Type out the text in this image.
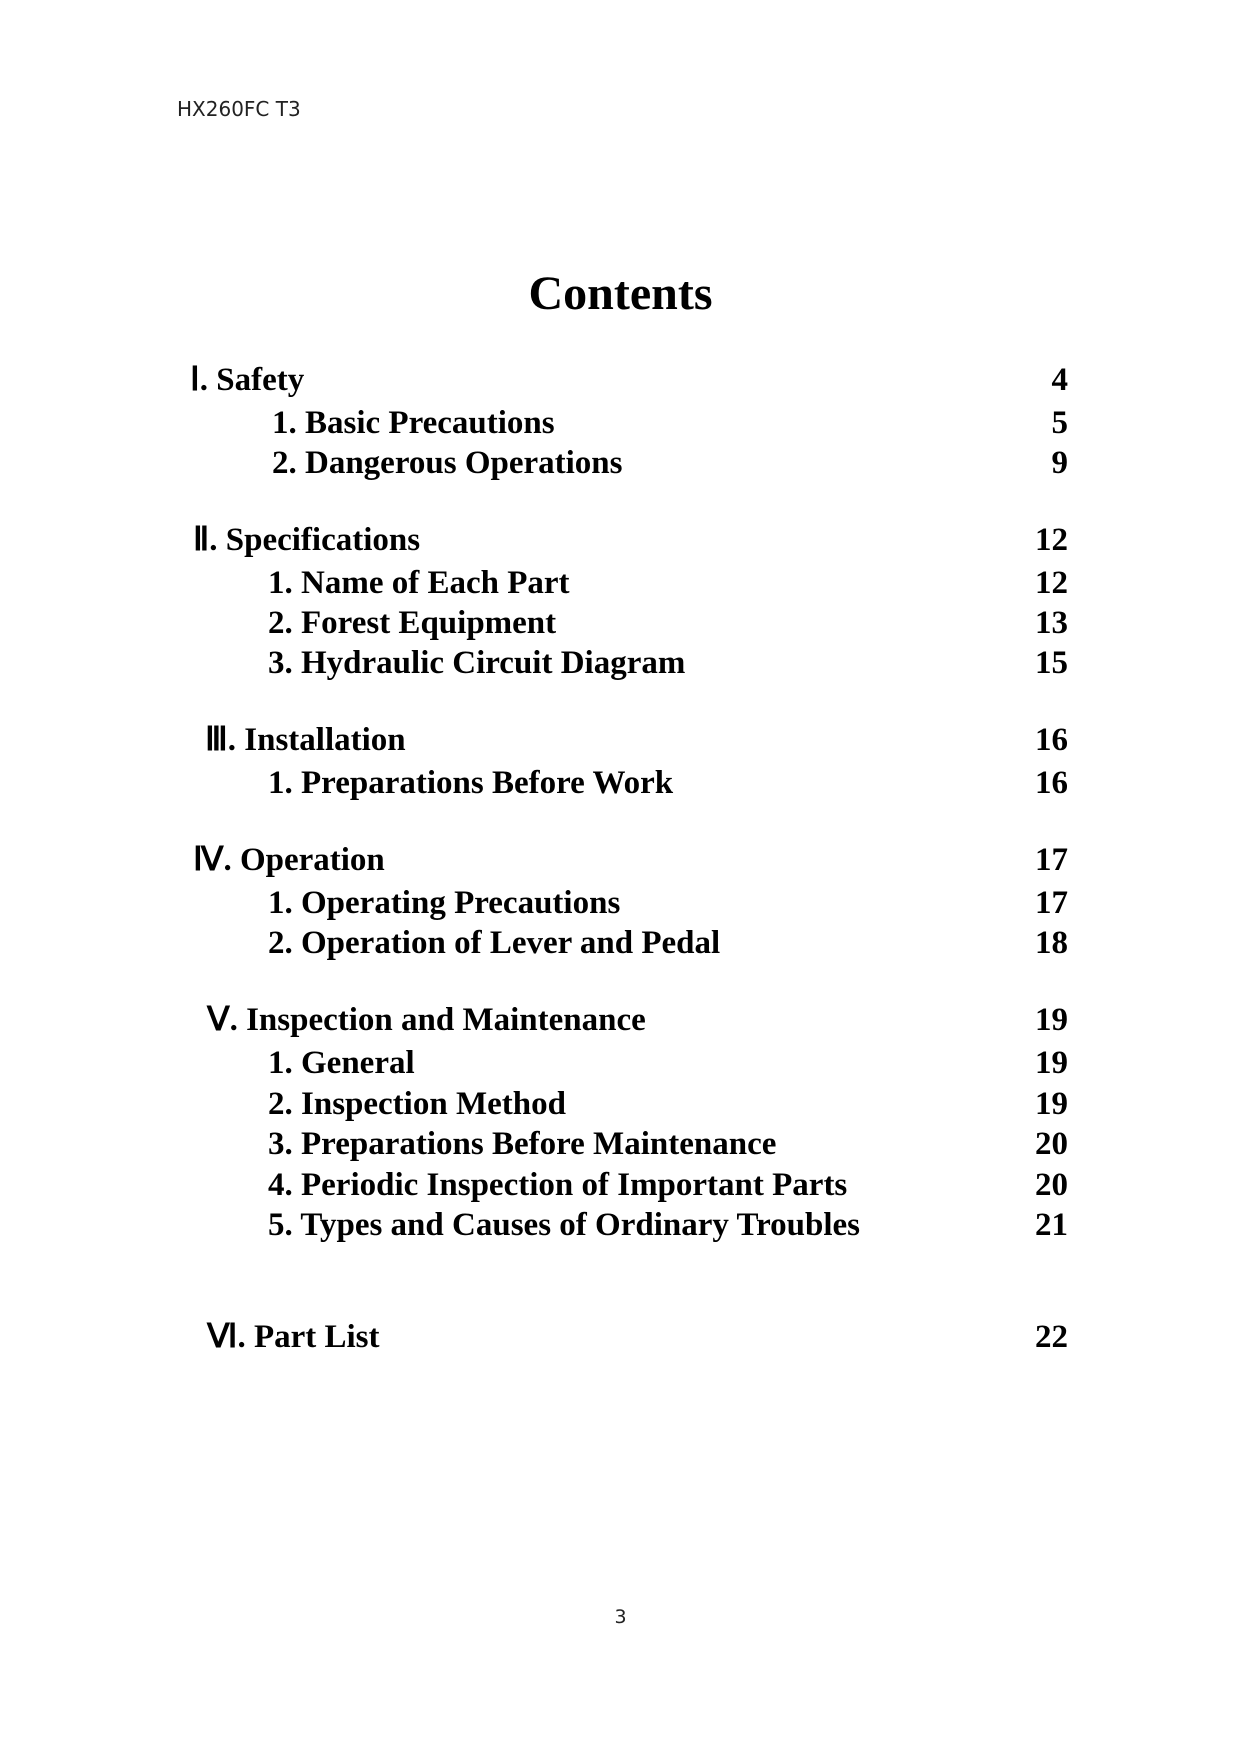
HX260FC T3
Contents
Ⅰ. Safety	4
1. Basic Precautions	5
2. Dangerous Operations	9
Ⅱ. Specifications	12
1. Name of Each Part	12
2. Forest Equipment	13
3. Hydraulic Circuit Diagram	15
Ⅲ. Installation	16
1. Preparations Before Work	16
Ⅳ. Operation	17
1. Operating Precautions	17
2. Operation of Lever and Pedal	18
Ⅴ. Inspection and Maintenance	19
1. General	19
2. Inspection Method	19
3. Preparations Before Maintenance	20
4. Periodic Inspection of Important Parts	20
5. Types and Causes of Ordinary Troubles	21
Ⅵ. Part List	22
3
